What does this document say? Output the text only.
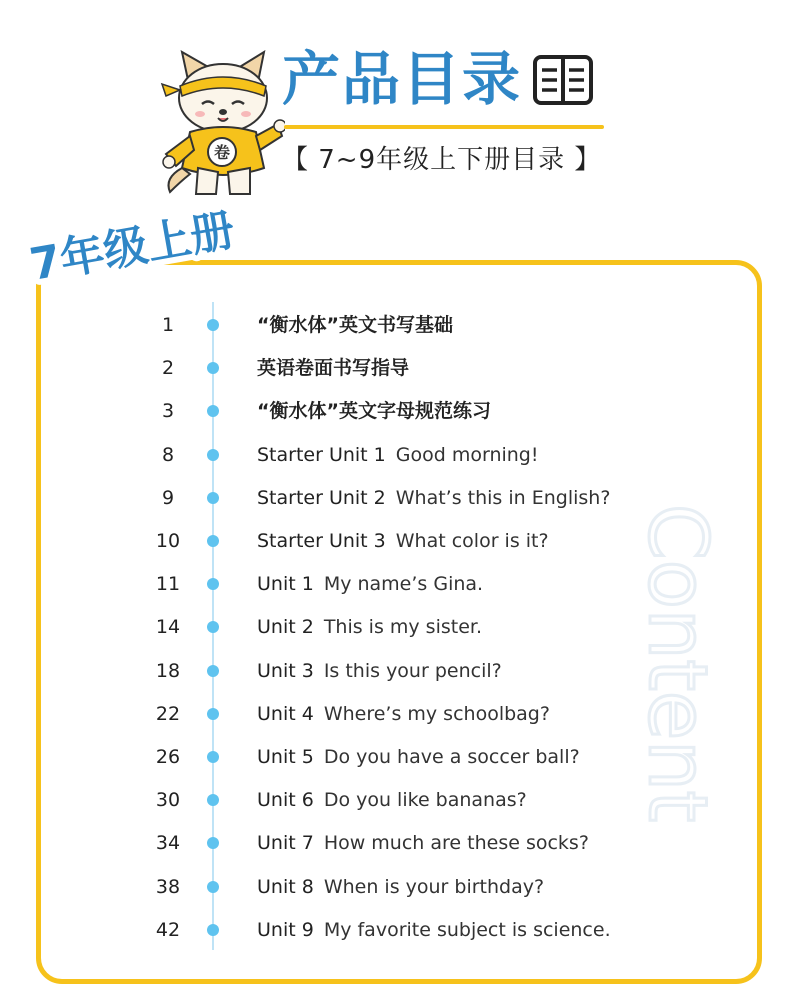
卷
产品目录
【 7~9年级上下册目录 】
7年级上册
Content
1	“衡水体”英文书写基础
2	英语卷面书写指导
3	“衡水体”英文字母规范练习
8	Starter Unit 1 Good morning!
9	Starter Unit 2 What’s this in English?
10	Starter Unit 3 What color is it?
11	Unit 1 My name’s Gina.
14	Unit 2 This is my sister.
18	Unit 3 Is this your pencil?
22	Unit 4 Where’s my schoolbag?
26	Unit 5 Do you have a soccer ball?
30	Unit 6 Do you like bananas?
34	Unit 7 How much are these socks?
38	Unit 8 When is your birthday?
42	Unit 9 My favorite subject is science.
